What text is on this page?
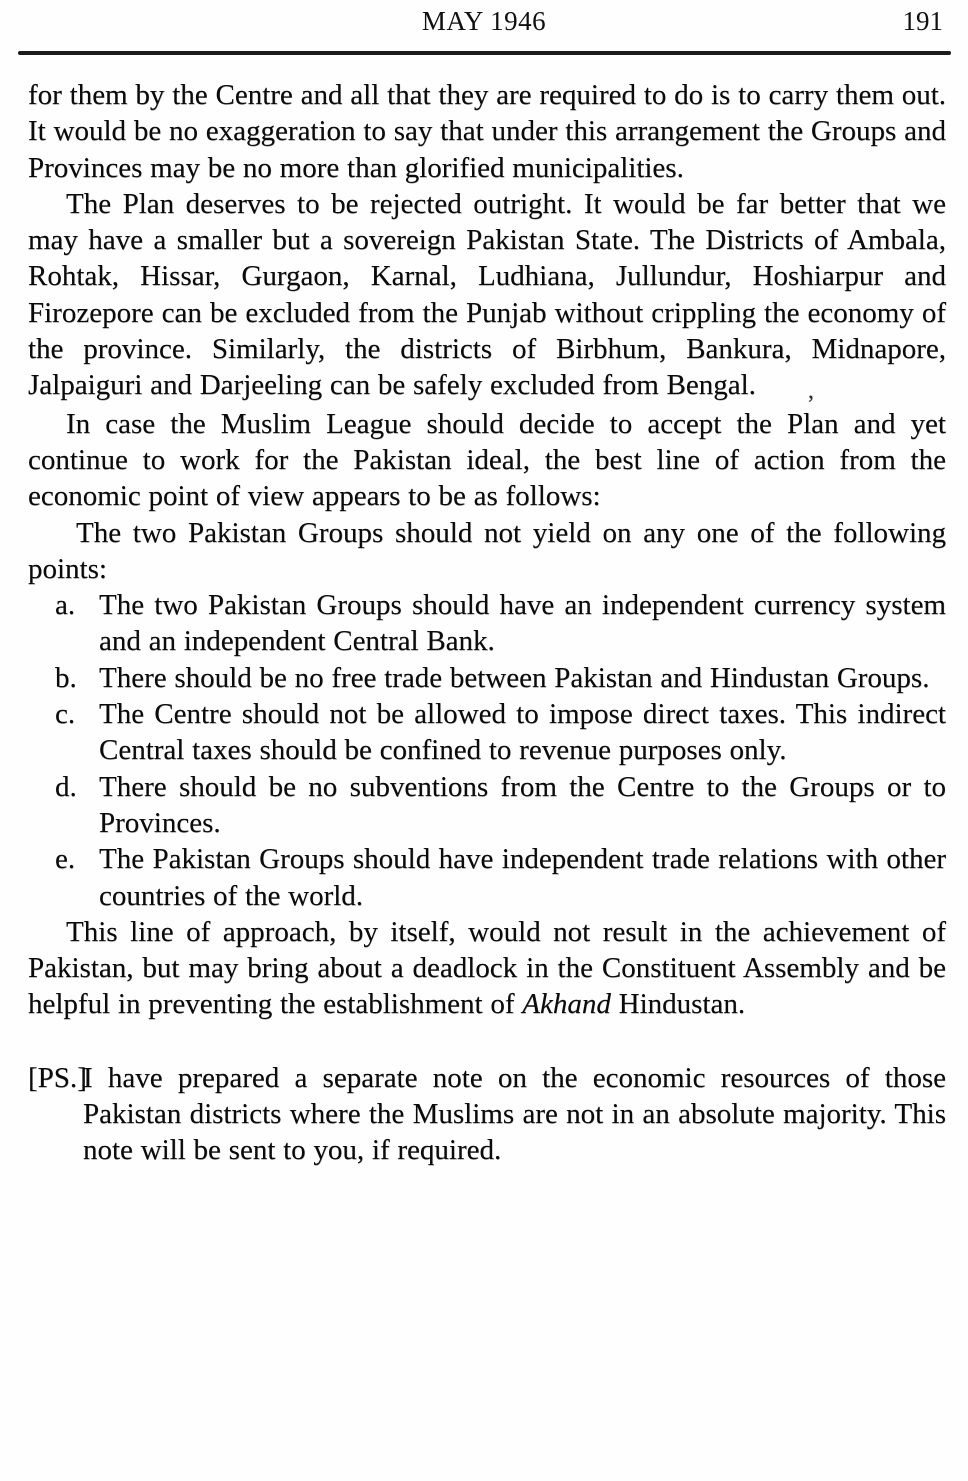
MAY 1946	191

for them by the Centre and all that they are required to do is to carry them out. It would be no exaggeration to say that under this arrangement the Groups and Provinces may be no more than glorified municipalities.

The Plan deserves to be rejected outright. It would be far better that we may have a smaller but a sovereign Pakistan State. The Districts of Ambala, Rohtak, Hissar, Gurgaon, Karnal, Ludhiana, Jullundur, Hoshiarpur and Firozepore can be excluded from the Punjab without crippling the economy of the province. Similarly, the districts of Birbhum, Bankura, Midnapore, Jalpaiguri and Darjeeling can be safely excluded from Bengal. ,

In case the Muslim League should decide to accept the Plan and yet continue to work for the Pakistan ideal, the best line of action from the economic point of view appears to be as follows:

The two Pakistan Groups should not yield on any one of the following points:

a. The two Pakistan Groups should have an independent currency system and an independent Central Bank.
b. There should be no free trade between Pakistan and Hindustan Groups.
c. The Centre should not be allowed to impose direct taxes. This indirect Central taxes should be confined to revenue purposes only.
d. There should be no subventions from the Centre to the Groups or to Provinces.
e. The Pakistan Groups should have independent trade relations with other countries of the world.

This line of approach, by itself, would not result in the achievement of Pakistan, but may bring about a deadlock in the Constituent Assembly and be helpful in preventing the establishment of Akhand Hindustan.

[PS.]
I have prepared a separate note on the economic resources of those Pakistan districts where the Muslims are not in an absolute majority. This note will be sent to you, if required.
